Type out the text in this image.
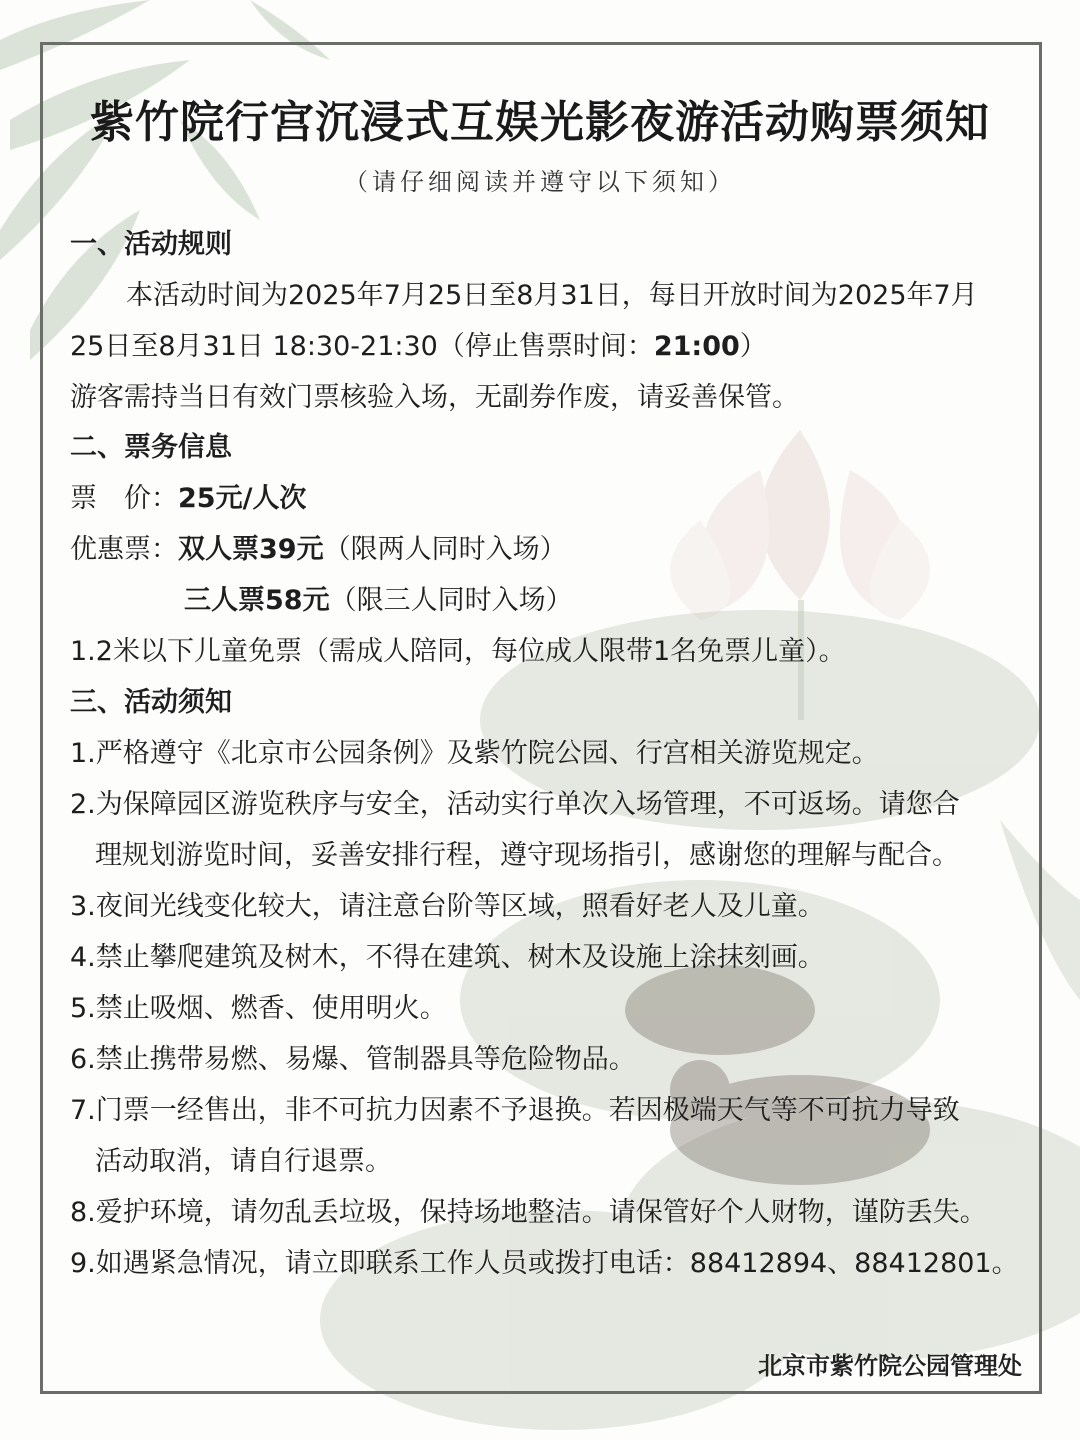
紫竹院行宫沉浸式互娱光影夜游活动购票须知

（请仔细阅读并遵守以下须知）

一、活动规则

本活动时间为2025年7月25日至8月31日，每日开放时间为2025年7月

25日至8月31日 18:30-21:30（停止售票时间：21:00）

游客需持当日有效门票核验入场，无副券作废，请妥善保管。

二、票务信息

票　价：25元/人次

优惠票：双人票39元（限两人同时入场）

三人票58元（限三人同时入场）

1.2米以下儿童免票（需成人陪同，每位成人限带1名免票儿童）。

三、活动须知

1.严格遵守《北京市公园条例》及紫竹院公园、行宫相关游览规定。

2.为保障园区游览秩序与安全，活动实行单次入场管理，不可返场。请您合

理规划游览时间，妥善安排行程，遵守现场指引，感谢您的理解与配合。

3.夜间光线变化较大，请注意台阶等区域，照看好老人及儿童。

4.禁止攀爬建筑及树木，不得在建筑、树木及设施上涂抹刻画。

5.禁止吸烟、燃香、使用明火。

6.禁止携带易燃、易爆、管制器具等危险物品。

7.门票一经售出，非不可抗力因素不予退换。若因极端天气等不可抗力导致

活动取消，请自行退票。

8.爱护环境，请勿乱丢垃圾，保持场地整洁。请保管好个人财物，谨防丢失。

9.如遇紧急情况，请立即联系工作人员或拨打电话：88412894、88412801。

北京市紫竹院公园管理处
